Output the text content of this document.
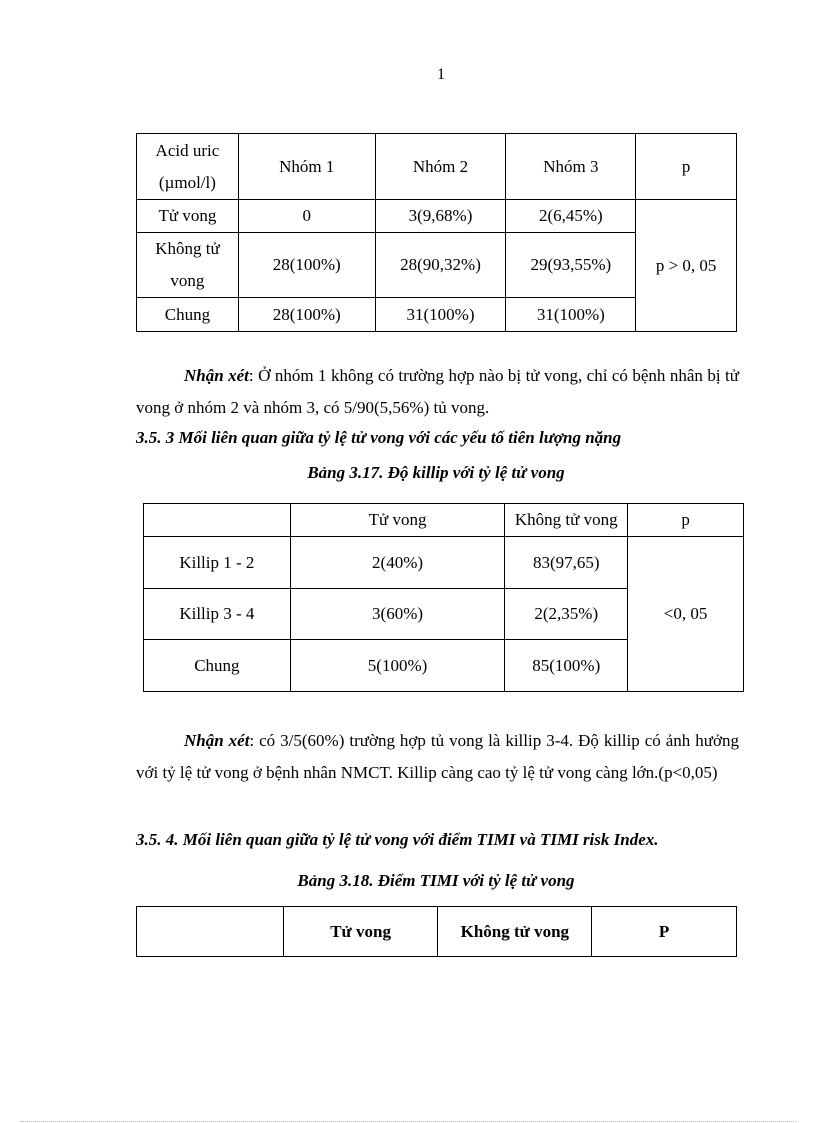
1
Acid uric
(µmol/l)	Nhóm 1	Nhóm 2	Nhóm 3	p
Tử vong	0	3(9,68%)	2(6,45%)	p > 0, 05
Không tử
vong	28(100%)	28(90,32%)	29(93,55%)	
Chung	28(100%)	31(100%)	31(100%)	
Nhận xét: Ở nhóm 1 không có trường hợp nào bị tử vong, chỉ có bệnh nhân bị tử vong ở nhóm 2 và nhóm 3, có 5/90(5,56%) tủ vong.
3.5. 3 Mối liên quan giữa tỷ lệ tử vong với các yếu tố tiên lượng nặng
Bảng 3.17. Độ killip với tỷ lệ tử vong
	Tử vong	Không tử vong	p
Killip 1 - 2	2(40%)	83(97,65)	<0, 05
Killip 3 - 4	3(60%)	2(2,35%)	
Chung	5(100%)	85(100%)	
Nhận xét: có 3/5(60%) trường hợp tủ vong là killip 3-4. Độ killip có ảnh hưởng với tỷ lệ tử vong ở bệnh nhân NMCT. Killip càng cao tỷ lệ tử vong càng lớn.(p<0,05)
3.5. 4. Mối liên quan giữa tỷ lệ tử vong với điểm TIMI và TIMI risk Index.
Bảng 3.18. Điểm TIMI với tỷ lệ tử vong
	Tử vong	Không tử vong	P
